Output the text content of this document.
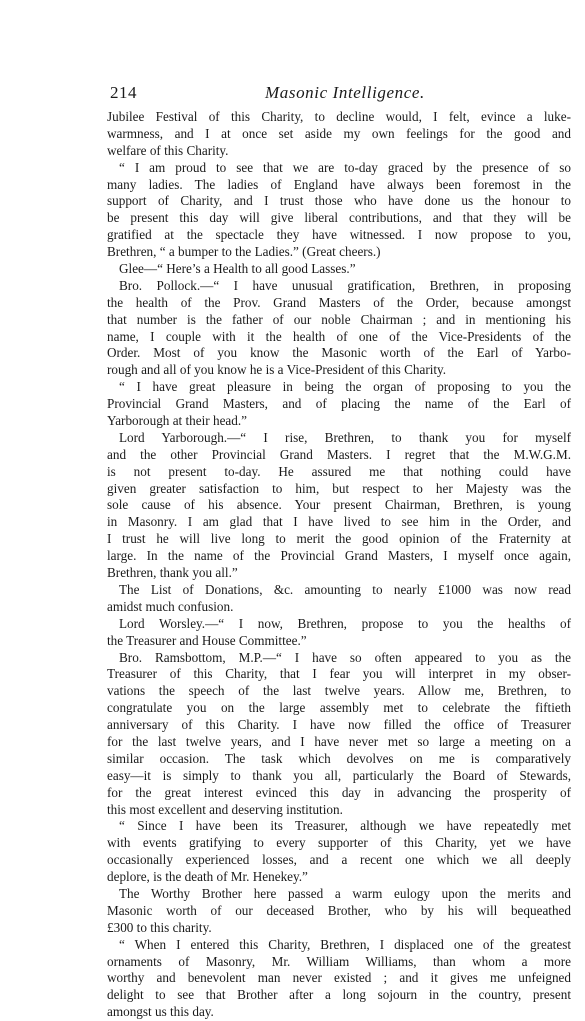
214	Masonic Intelligence.
Jubilee Festival of this Charity, to decline would, I felt, evince a luke-
warmness, and I at once set aside my own feelings for the good and
welfare of this Charity.
“ I am proud to see that we are to-day graced by the presence of so
many ladies. The ladies of England have always been foremost in the
support of Charity, and I trust those who have done us the honour to
be present this day will give liberal contributions, and that they will be
gratified at the spectacle they have witnessed. I now propose to you,
Brethren, “ a bumper to the Ladies.” (Great cheers.)
Glee—“ Here’s a Health to all good Lasses.”
Bro. Pollock.—“ I have unusual gratification, Brethren, in proposing
the health of the Prov. Grand Masters of the Order, because amongst
that number is the father of our noble Chairman ; and in mentioning his
name, I couple with it the health of one of the Vice-Presidents of the
Order. Most of you know the Masonic worth of the Earl of Yarbo-
rough and all of you know he is a Vice-President of this Charity.
“ I have great pleasure in being the organ of proposing to you the
Provincial Grand Masters, and of placing the name of the Earl of
Yarborough at their head.”
Lord Yarborough.—“ I rise, Brethren, to thank you for myself
and the other Provincial Grand Masters. I regret that the M.W.G.M.
is not present to-day. He assured me that nothing could have
given greater satisfaction to him, but respect to her Majesty was the
sole cause of his absence. Your present Chairman, Brethren, is young
in Masonry. I am glad that I have lived to see him in the Order, and
I trust he will live long to merit the good opinion of the Fraternity at
large. In the name of the Provincial Grand Masters, I myself once again,
Brethren, thank you all.”
The List of Donations, &c. amounting to nearly £1000 was now read
amidst much confusion.
Lord Worsley.—“ I now, Brethren, propose to you the healths of
the Treasurer and House Committee.”
Bro. Ramsbottom, M.P.—“ I have so often appeared to you as the
Treasurer of this Charity, that I fear you will interpret in my obser-
vations the speech of the last twelve years. Allow me, Brethren, to
congratulate you on the large assembly met to celebrate the fiftieth
anniversary of this Charity. I have now filled the office of Treasurer
for the last twelve years, and I have never met so large a meeting on a
similar occasion. The task which devolves on me is comparatively
easy—it is simply to thank you all, particularly the Board of Stewards,
for the great interest evinced this day in advancing the prosperity of
this most excellent and deserving institution.
“ Since I have been its Treasurer, although we have repeatedly met
with events gratifying to every supporter of this Charity, yet we have
occasionally experienced losses, and a recent one which we all deeply
deplore, is the death of Mr. Henekey.”
The Worthy Brother here passed a warm eulogy upon the merits and
Masonic worth of our deceased Brother, who by his will bequeathed
£300 to this charity.
“ When I entered this Charity, Brethren, I displaced one of the greatest
ornaments of Masonry, Mr. William Williams, than whom a more
worthy and benevolent man never existed ; and it gives me unfeigned
delight to see that Brother after a long sojourn in the country, present
amongst us this day.
